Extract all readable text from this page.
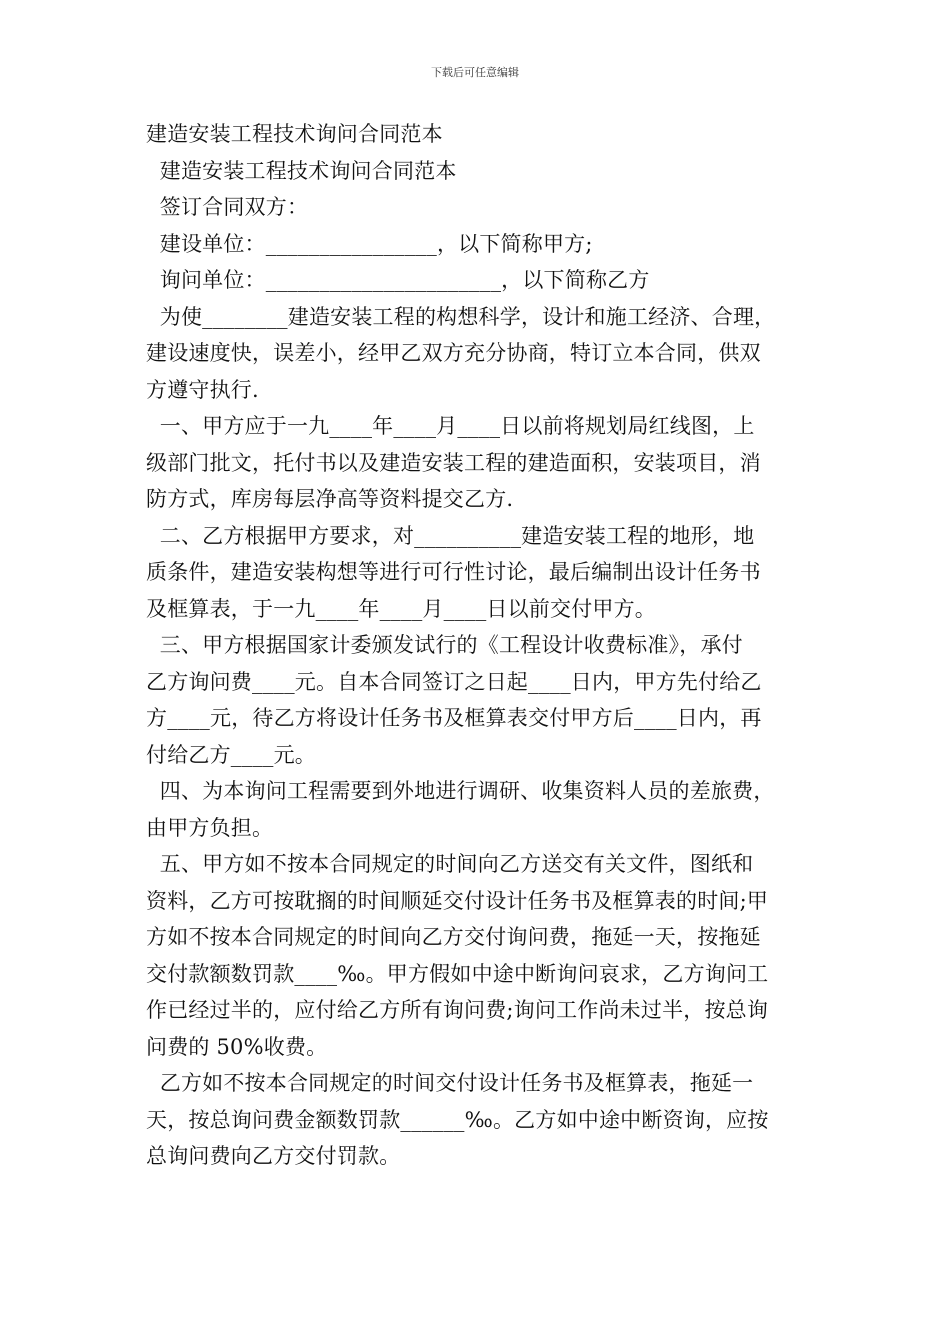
下载后可任意编辑
建造安装工程技术询问合同范本
建造安装工程技术询问合同范本
签订合同双方：
建设单位：________________，以下简称甲方;
询问单位：______________________，以下简称乙方
为使________建造安装工程的构想科学，设计和施工经济、合理，
建设速度快，误差小，经甲乙双方充分协商，特订立本合同，供双
方遵守执行.
一、甲方应于一九____年____月____日以前将规划局红线图，上
级部门批文，托付书以及建造安装工程的建造面积，安装项目，消
防方式，库房每层净高等资料提交乙方.
二、乙方根据甲方要求，对__________建造安装工程的地形，地
质条件，建造安装构想等进行可行性讨论，最后编制出设计任务书
及框算表，于一九____年____月____日以前交付甲方。
三、甲方根据国家计委颁发试行的《工程设计收费标准》，承付
乙方询问费____元。自本合同签订之日起____日内，甲方先付给乙
方____元，待乙方将设计任务书及框算表交付甲方后____日内，再
付给乙方____元。
四、为本询问工程需要到外地进行调研、收集资料人员的差旅费，
由甲方负担。
五、甲方如不按本合同规定的时间向乙方送交有关文件，图纸和
资料，乙方可按耽搁的时间顺延交付设计任务书及框算表的时间;甲
方如不按本合同规定的时间向乙方交付询问费，拖延一天，按拖延
交付款额数罚款____‰。甲方假如中途中断询问哀求，乙方询问工
作已经过半的，应付给乙方所有询问费;询问工作尚未过半，按总询
问费的 50%收费。
乙方如不按本合同规定的时间交付设计任务书及框算表，拖延一
天，按总询问费金额数罚款______‰。乙方如中途中断资询，应按
总询问费向乙方交付罚款。
